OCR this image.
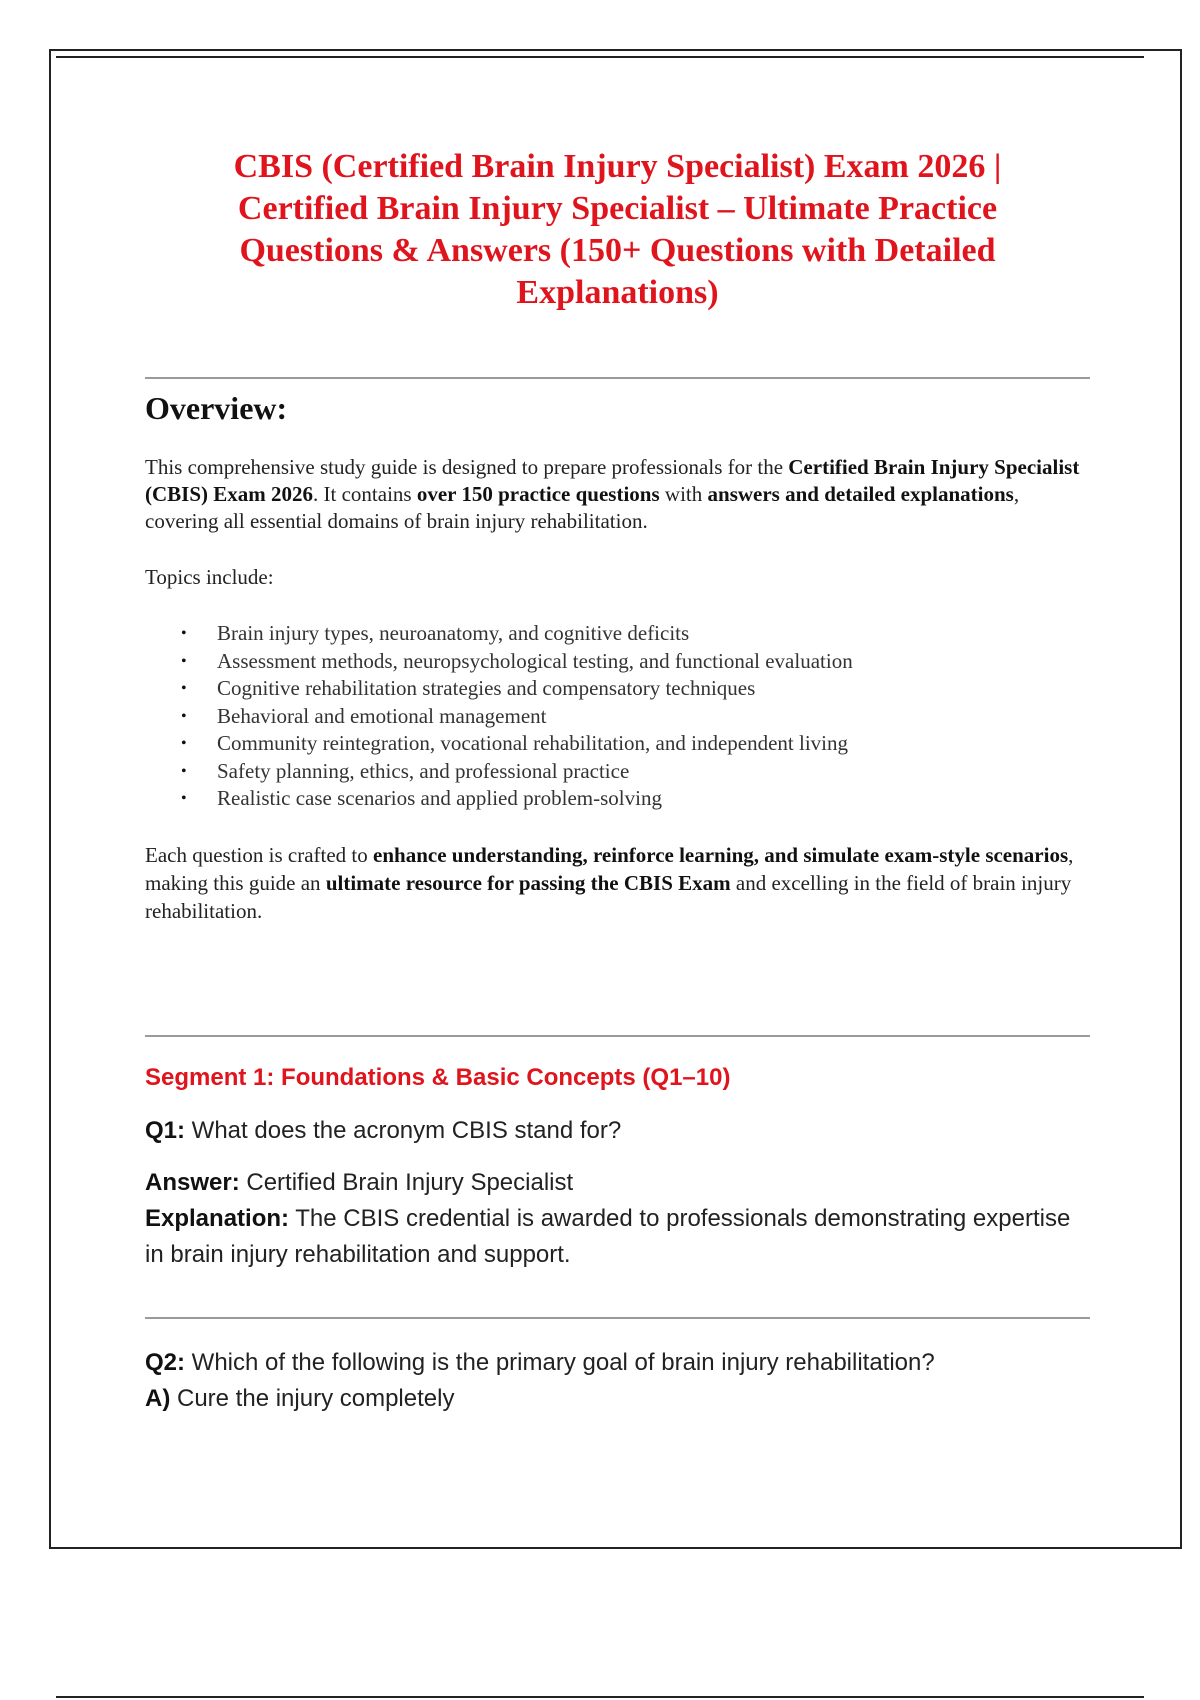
CBIS (Certified Brain Injury Specialist) Exam 2026 |
Certified Brain Injury Specialist – Ultimate Practice
Questions & Answers (150+ Questions with Detailed
Explanations)
Overview:

This comprehensive study guide is designed to prepare professionals for the Certified Brain Injury Specialist (CBIS) Exam 2026. It contains over 150 practice questions with answers and detailed explanations, covering all essential domains of brain injury rehabilitation.

Topics include:

• Brain injury types, neuroanatomy, and cognitive deficits
• Assessment methods, neuropsychological testing, and functional evaluation
• Cognitive rehabilitation strategies and compensatory techniques
• Behavioral and emotional management
• Community reintegration, vocational rehabilitation, and independent living
• Safety planning, ethics, and professional practice
• Realistic case scenarios and applied problem-solving

Each question is crafted to enhance understanding, reinforce learning, and simulate exam-style scenarios, making this guide an ultimate resource for passing the CBIS Exam and excelling in the field of brain injury rehabilitation.

Segment 1: Foundations & Basic Concepts (Q1–10)
Q1: What does the acronym CBIS stand for?
Answer: Certified Brain Injury Specialist
Explanation: The CBIS credential is awarded to professionals demonstrating expertise in brain injury rehabilitation and support.
Q2: Which of the following is the primary goal of brain injury rehabilitation?
A) Cure the injury completely
